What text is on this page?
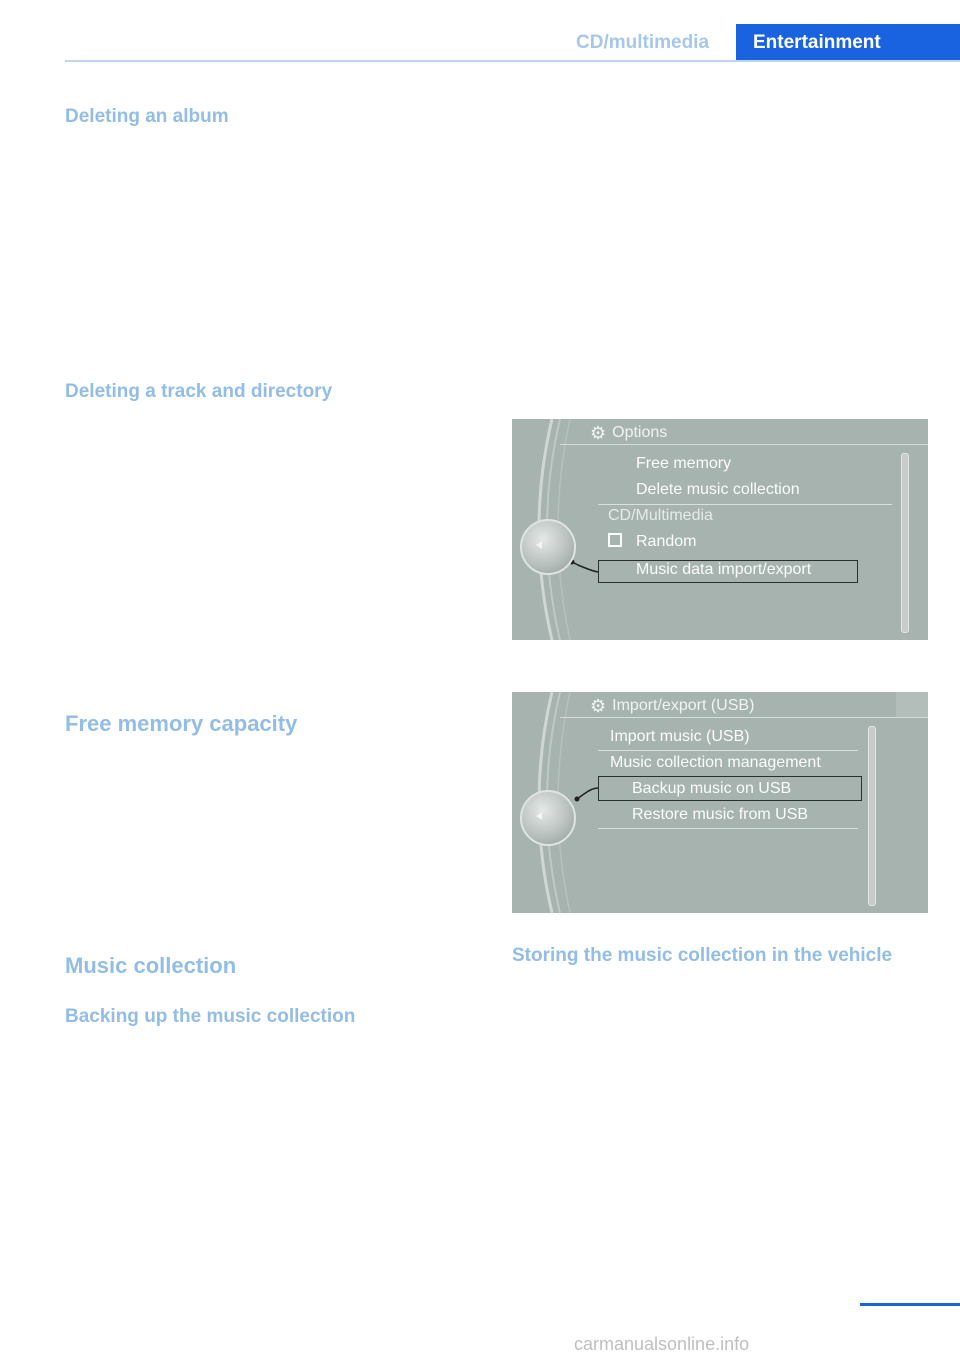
CD/multimedia Entertainment
Deleting an album
Deleting a track and directory
Free memory capacity
Music collection
Backing up the music collection
Storing the music collection in the vehicle
⚙ Options
Free memory
Delete music collection
CD/Multimedia
Random
Music data import/export
⚙ Import/export (USB)
Import music (USB)
Music collection management
Backup music on USB
Restore music from USB
carmanualsonline.info
